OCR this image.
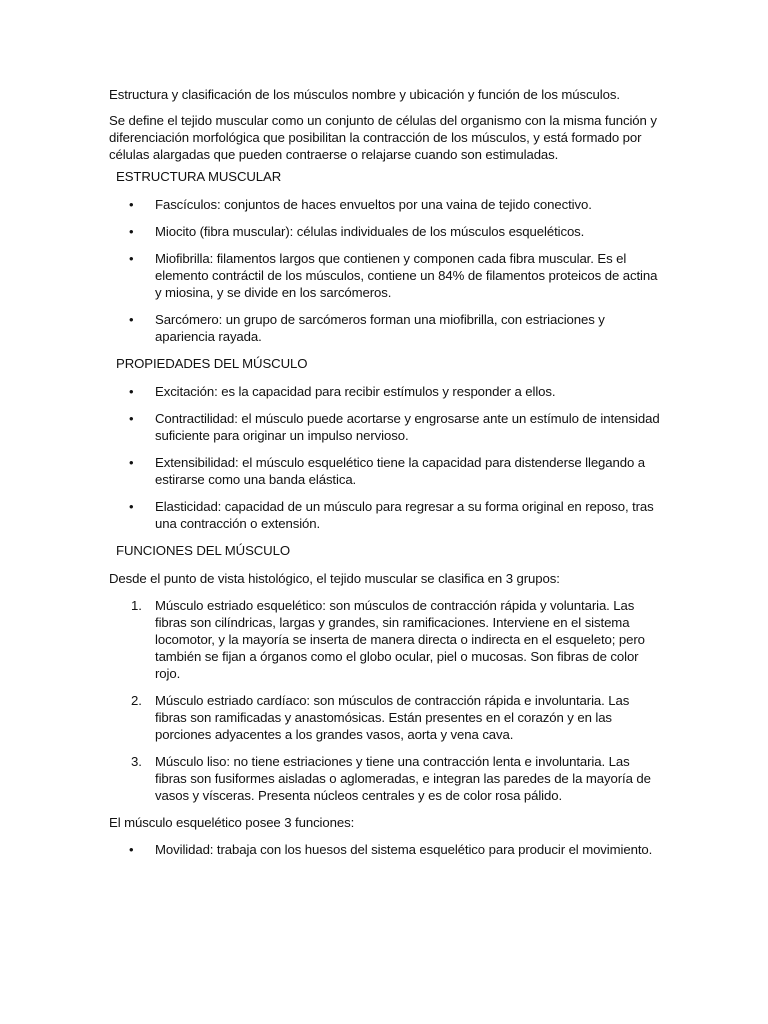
Estructura y clasificación de los músculos nombre y ubicación y función de los músculos.

Se define el tejido muscular como un conjunto de células del organismo con la misma función y diferenciación morfológica que posibilitan la contracción de los músculos, y está formado por células alargadas que pueden contraerse o relajarse cuando son estimuladas.

ESTRUCTURA MUSCULAR

• Fascículos: conjuntos de haces envueltos por una vaina de tejido conectivo.
• Miocito (fibra muscular): células individuales de los músculos esqueléticos.
• Miofibrilla: filamentos largos que contienen y componen cada fibra muscular. Es el elemento contráctil de los músculos, contiene un 84% de filamentos proteicos de actina y miosina, y se divide en los sarcómeros.
• Sarcómero: un grupo de sarcómeros forman una miofibrilla, con estriaciones y apariencia rayada.

PROPIEDADES DEL MÚSCULO

• Excitación: es la capacidad para recibir estímulos y responder a ellos.
• Contractilidad: el músculo puede acortarse y engrosarse ante un estímulo de intensidad suficiente para originar un impulso nervioso.
• Extensibilidad: el músculo esquelético tiene la capacidad para distenderse llegando a estirarse como una banda elástica.
• Elasticidad: capacidad de un músculo para regresar a su forma original en reposo, tras una contracción o extensión.

FUNCIONES DEL MÚSCULO

Desde el punto de vista histológico, el tejido muscular se clasifica en 3 grupos:

1. Músculo estriado esquelético: son músculos de contracción rápida y voluntaria. Las fibras son cilíndricas, largas y grandes, sin ramificaciones. Interviene en el sistema locomotor, y la mayoría se inserta de manera directa o indirecta en el esqueleto; pero también se fijan a órganos como el globo ocular, piel o mucosas. Son fibras de color rojo.
2. Músculo estriado cardíaco: son músculos de contracción rápida e involuntaria. Las fibras son ramificadas y anastomósicas. Están presentes en el corazón y en las porciones adyacentes a los grandes vasos, aorta y vena cava.
3. Músculo liso: no tiene estriaciones y tiene una contracción lenta e involuntaria. Las fibras son fusiformes aisladas o aglomeradas, e integran las paredes de la mayoría de vasos y vísceras. Presenta núcleos centrales y es de color rosa pálido.

El músculo esquelético posee 3 funciones:

• Movilidad: trabaja con los huesos del sistema esquelético para producir el movimiento.
